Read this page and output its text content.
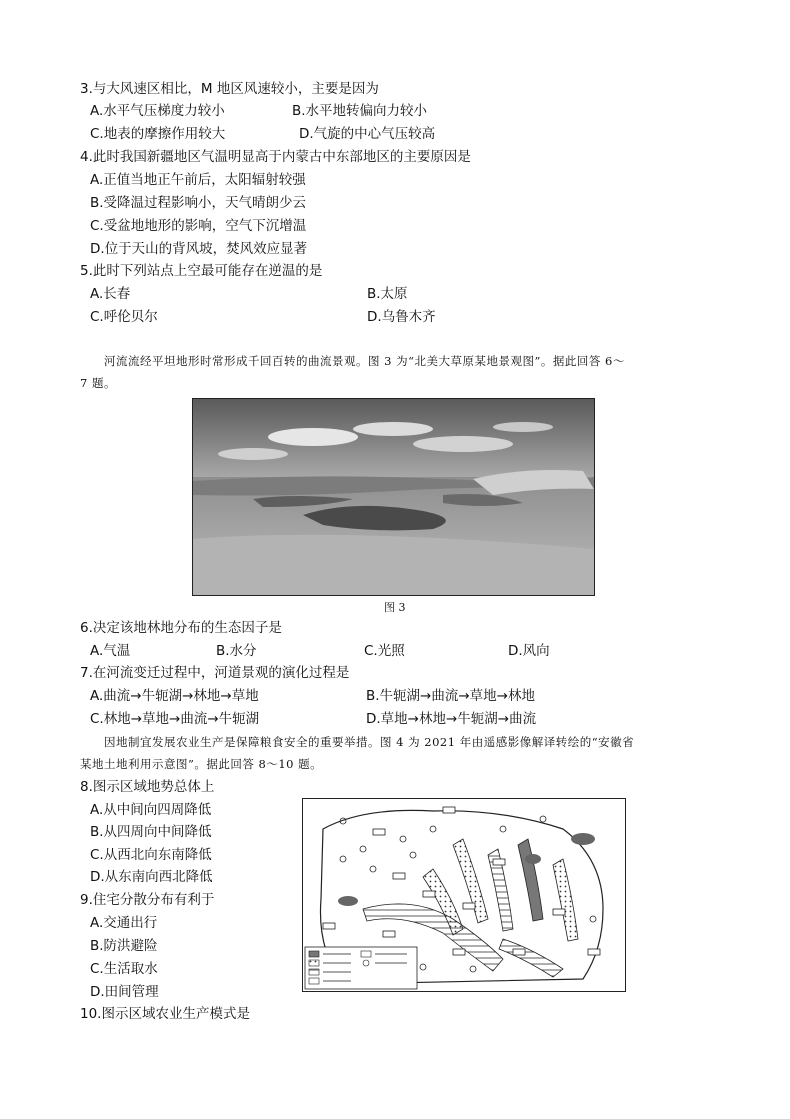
3.与大风速区相比，M 地区风速较小，主要是因为
A.水平气压梯度力较小	B.水平地转偏向力较小
C.地表的摩擦作用较大	D.气旋的中心气压较高
4.此时我国新疆地区气温明显高于内蒙古中东部地区的主要原因是
A.正值当地正午前后，太阳辐射较强
B.受降温过程影响小，天气晴朗少云
C.受盆地地形的影响，空气下沉增温
D.位于天山的背风坡，焚风效应显著
5.此时下列站点上空最可能存在逆温的是
A.长春	B.太原
C.呼伦贝尔	D.乌鲁木齐
河流流经平坦地形时常形成千回百转的曲流景观。图 3 为“北美大草原某地景观图”。据此回答 6～
7 题。
图 3
6.决定该地林地分布的生态因子是
A.气温	B.水分	C.光照	D.风向
7.在河流变迁过程中，河道景观的演化过程是
A.曲流→牛轭湖→林地→草地	B.牛轭湖→曲流→草地→林地
C.林地→草地→曲流→牛轭湖	D.草地→林地→牛轭湖→曲流
因地制宜发展农业生产是保障粮食安全的重要举措。图 4 为 2021 年由遥感影像解译转绘的“安徽省
某地土地利用示意图”。据此回答 8～10 题。
8.图示区域地势总体上
A.从中间向四周降低
B.从四周向中间降低
C.从西北向东南降低
D.从东南向西北降低
9.住宅分散分布有利于
A.交通出行
B.防洪避险
C.生活取水
D.田间管理
10.图示区域农业生产模式是
